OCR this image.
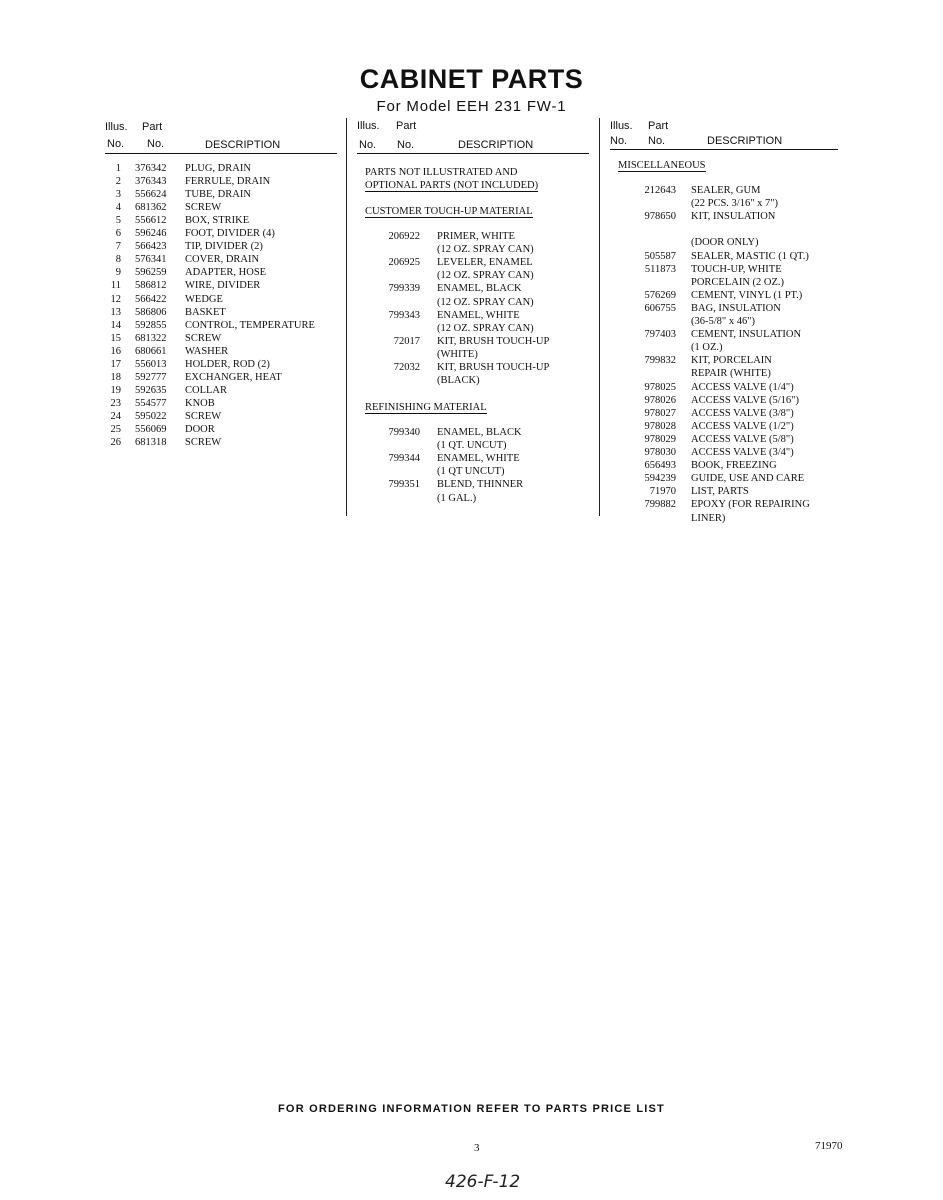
CABINET PARTS
For Model EEH 231 FW-1
Illus. Part
No. No.	DESCRIPTION
1 376342 PLUG, DRAIN
2 376343 FERRULE, DRAIN
3 556624 TUBE, DRAIN
4 681362 SCREW
5 556612 BOX, STRIKE
6 596246 FOOT, DIVIDER (4)
7 566423 TIP, DIVIDER (2)
8 576341 COVER, DRAIN
9 596259 ADAPTER, HOSE
11 586812 WIRE, DIVIDER
12 566422 WEDGE
13 586806 BASKET
14 592855 CONTROL, TEMPERATURE
15 681322 SCREW
16 680661 WASHER
17 556013 HOLDER, ROD (2)
18 592777 EXCHANGER, HEAT
19 592635 COLLAR
23 554577 KNOB
24 595022 SCREW
25 556069 DOOR
26 681318 SCREW
Illus. Part
No. No.	DESCRIPTION
PARTS NOT ILLUSTRATED AND
OPTIONAL PARTS (NOT INCLUDED)
CUSTOMER TOUCH-UP MATERIAL
206922 PRIMER, WHITE
(12 OZ. SPRAY CAN)
206925 LEVELER, ENAMEL
(12 OZ. SPRAY CAN)
799339 ENAMEL, BLACK
(12 OZ. SPRAY CAN)
799343 ENAMEL, WHITE
(12 OZ. SPRAY CAN)
72017 KIT, BRUSH TOUCH-UP
(WHITE)
72032 KIT, BRUSH TOUCH-UP
(BLACK)
REFINISHING MATERIAL
799340 ENAMEL, BLACK
(1 QT. UNCUT)
799344 ENAMEL, WHITE
(1 QT UNCUT)
799351 BLEND, THINNER
(1 GAL.)
Illus. Part
No. No.	DESCRIPTION
MISCELLANEOUS
212643 SEALER, GUM
(22 PCS. 3/16" x 7")
978650 KIT, INSULATION
(DOOR ONLY)
505587 SEALER, MASTIC (1 QT.)
511873 TOUCH-UP, WHITE
PORCELAIN (2 OZ.)
576269 CEMENT, VINYL (1 PT.)
606755 BAG, INSULATION
(36-5/8" x 46")
797403 CEMENT, INSULATION
(1 OZ.)
799832 KIT, PORCELAIN
REPAIR (WHITE)
978025 ACCESS VALVE (1/4")
978026 ACCESS VALVE (5/16")
978027 ACCESS VALVE (3/8")
978028 ACCESS VALVE (1/2")
978029 ACCESS VALVE (5/8")
978030 ACCESS VALVE (3/4")
656493 BOOK, FREEZING
594239 GUIDE, USE AND CARE
71970 LIST, PARTS
799882 EPOXY (FOR REPAIRING
LINER)
FOR ORDERING INFORMATION REFER TO PARTS PRICE LIST
3	71970
426-F-12
